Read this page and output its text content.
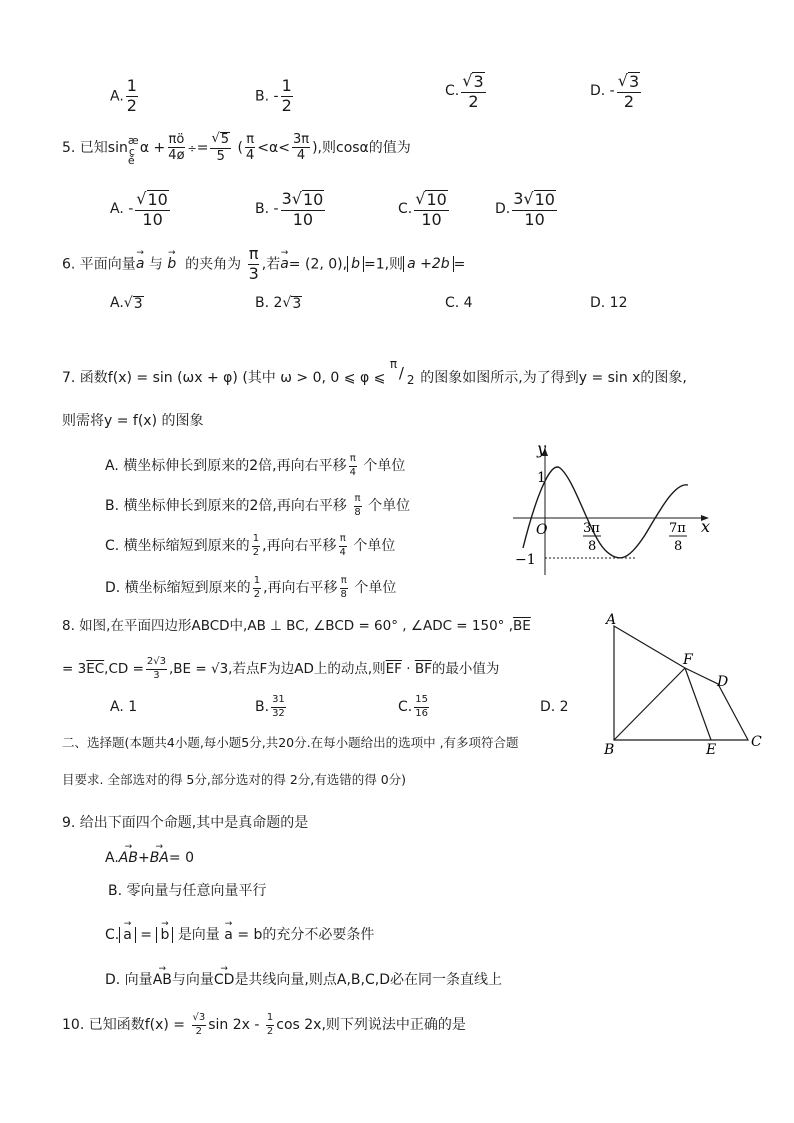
A. $\frac{1}{2}$	B. - $\frac{1}{2}$	C. $\frac{√ 3}{2}$	D. - $\frac{√ 3}{2}$
5. 已知sin æ
ç
è
$\alpha + \frac{\pi ö}{4ø} \div= \frac{√ 5}{5}$ ( $\frac{\pi}{4} <\alpha< \frac{3\pi}{4}$ ),则cosα的值为
A. - $\frac{√ 10}{10}$	B. - $\frac{3 √ 10}{10}$	C. $\frac{√ 10}{10}$	D. $\frac{3 √ 10}{10}$
6. 平面向量→ a 与 → b 的夹角为 $\frac{\pi}{3}$ ,若→ a= (2, 0), b =1,则 a +2b =
A. √ 3	B. 2 √ 3	C. 4	D. 12
7. 函数f(x) = sin (ωx + φ) (其中 ω > 0, 0 ⩽ φ ⩽
π / 2 的图象如图所示,为了得到y = sin x的图象,
则需将y = f(x) 的图象
A. 横坐标伸长到原来的2倍,再向右平移 $\frac{\pi}{4}$ 个单位
B. 横坐标伸长到原来的2倍,再向右平移 $\frac{\pi}{8}$ 个单位
C. 横坐标缩短到原来的 $\frac{1}{2}$ ,再向右平移 $\frac{\pi}{4}$ 个单位
D. 横坐标缩短到原来的 $\frac{1}{2}$ ,再向右平移 $\frac{\pi}{8}$ 个单位
y
x
1
O
−1
3π
8
7π
8
8. 如图,在平面四边形ABCD中,AB ⊥ BC, ∠BCD = 60° , ∠ADC = 150° $,\overline{BE}$
= $3\overline{EC},CD = \frac{2√3}{3} ,BE = √3$,若点F为边AD上的动点,则$\overline{EF} \cdot \overline{BF}$的最小值为
A. 1	B. $\frac{31}{32}$	C. $\frac{15}{16}$	D. 2
A
B	C
D
E
F
二、选择题(本题共4小题,每小题5分,共20分.在每小题给出的选项中 ,有多项符合题
目要求. 全部选对的得 5分,部分选对的得 2分,有选错的得 0分)
9. 给出下面四个命题,其中是真命题的是
A.→ AB+→ BA= 0
B. 零向量与任意向量平行
C. → a = → b 是向量 → a = b的充分不必要条件
D. 向量→ AB与向量→ CD是共线向量,则点A,B,C,D必在同一条直线上
10. 已知函数$f(x) = \frac{√3}{2}$ $\sin 2x - \frac{1}{2}$ cos 2x,则下列说法中正确的是
